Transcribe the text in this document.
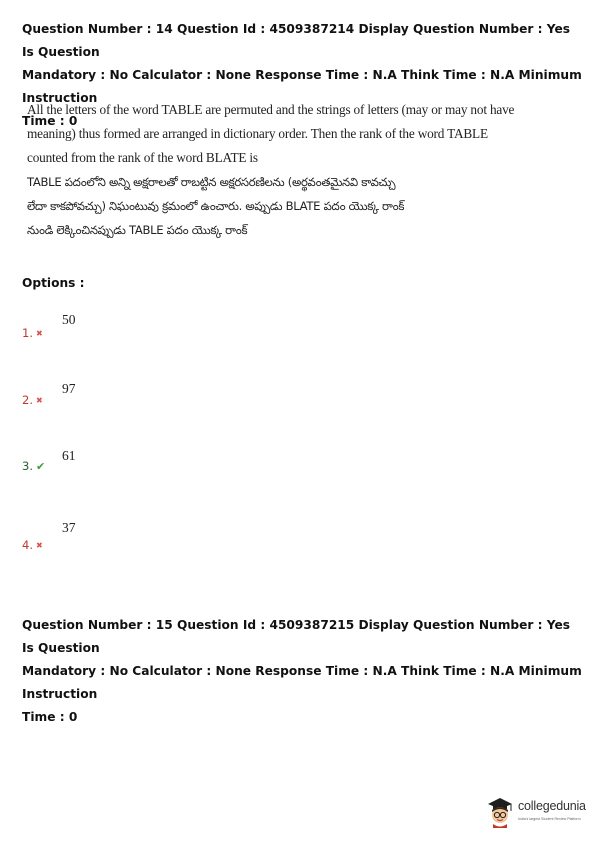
Question Number : 14 Question Id : 4509387214 Display Question Number : Yes Is Question
Mandatory : No Calculator : None Response Time : N.A Think Time : N.A Minimum Instruction
Time : 0
All the letters of the word TABLE are permuted and the strings of letters (may or may not have
meaning) thus formed are arranged in dictionary order. Then the rank of the word TABLE
counted from the rank of the word BLATE is
TABLE పదంలోని అన్ని అక్షరాలతో రాబట్టిన అక్షరసరణిలను (అర్థవంతమైనవి కావచ్చు
లేదా కాకపోవచ్చు) నిఘంటువు క్రమంలో ఉంచారు. అప్పుడు BLATE పదం యొక్క రాంక్
నుండి లెక్కించినప్పుడు TABLE పదం యొక్క రాంక్
Options :
1. ✖
50
2. ✖
97
3. ✔
61
4. ✖
37
Question Number : 15 Question Id : 4509387215 Display Question Number : Yes Is Question
Mandatory : No Calculator : None Response Time : N.A Think Time : N.A Minimum Instruction
Time : 0
collegedunia
India's largest Student Review Platform
